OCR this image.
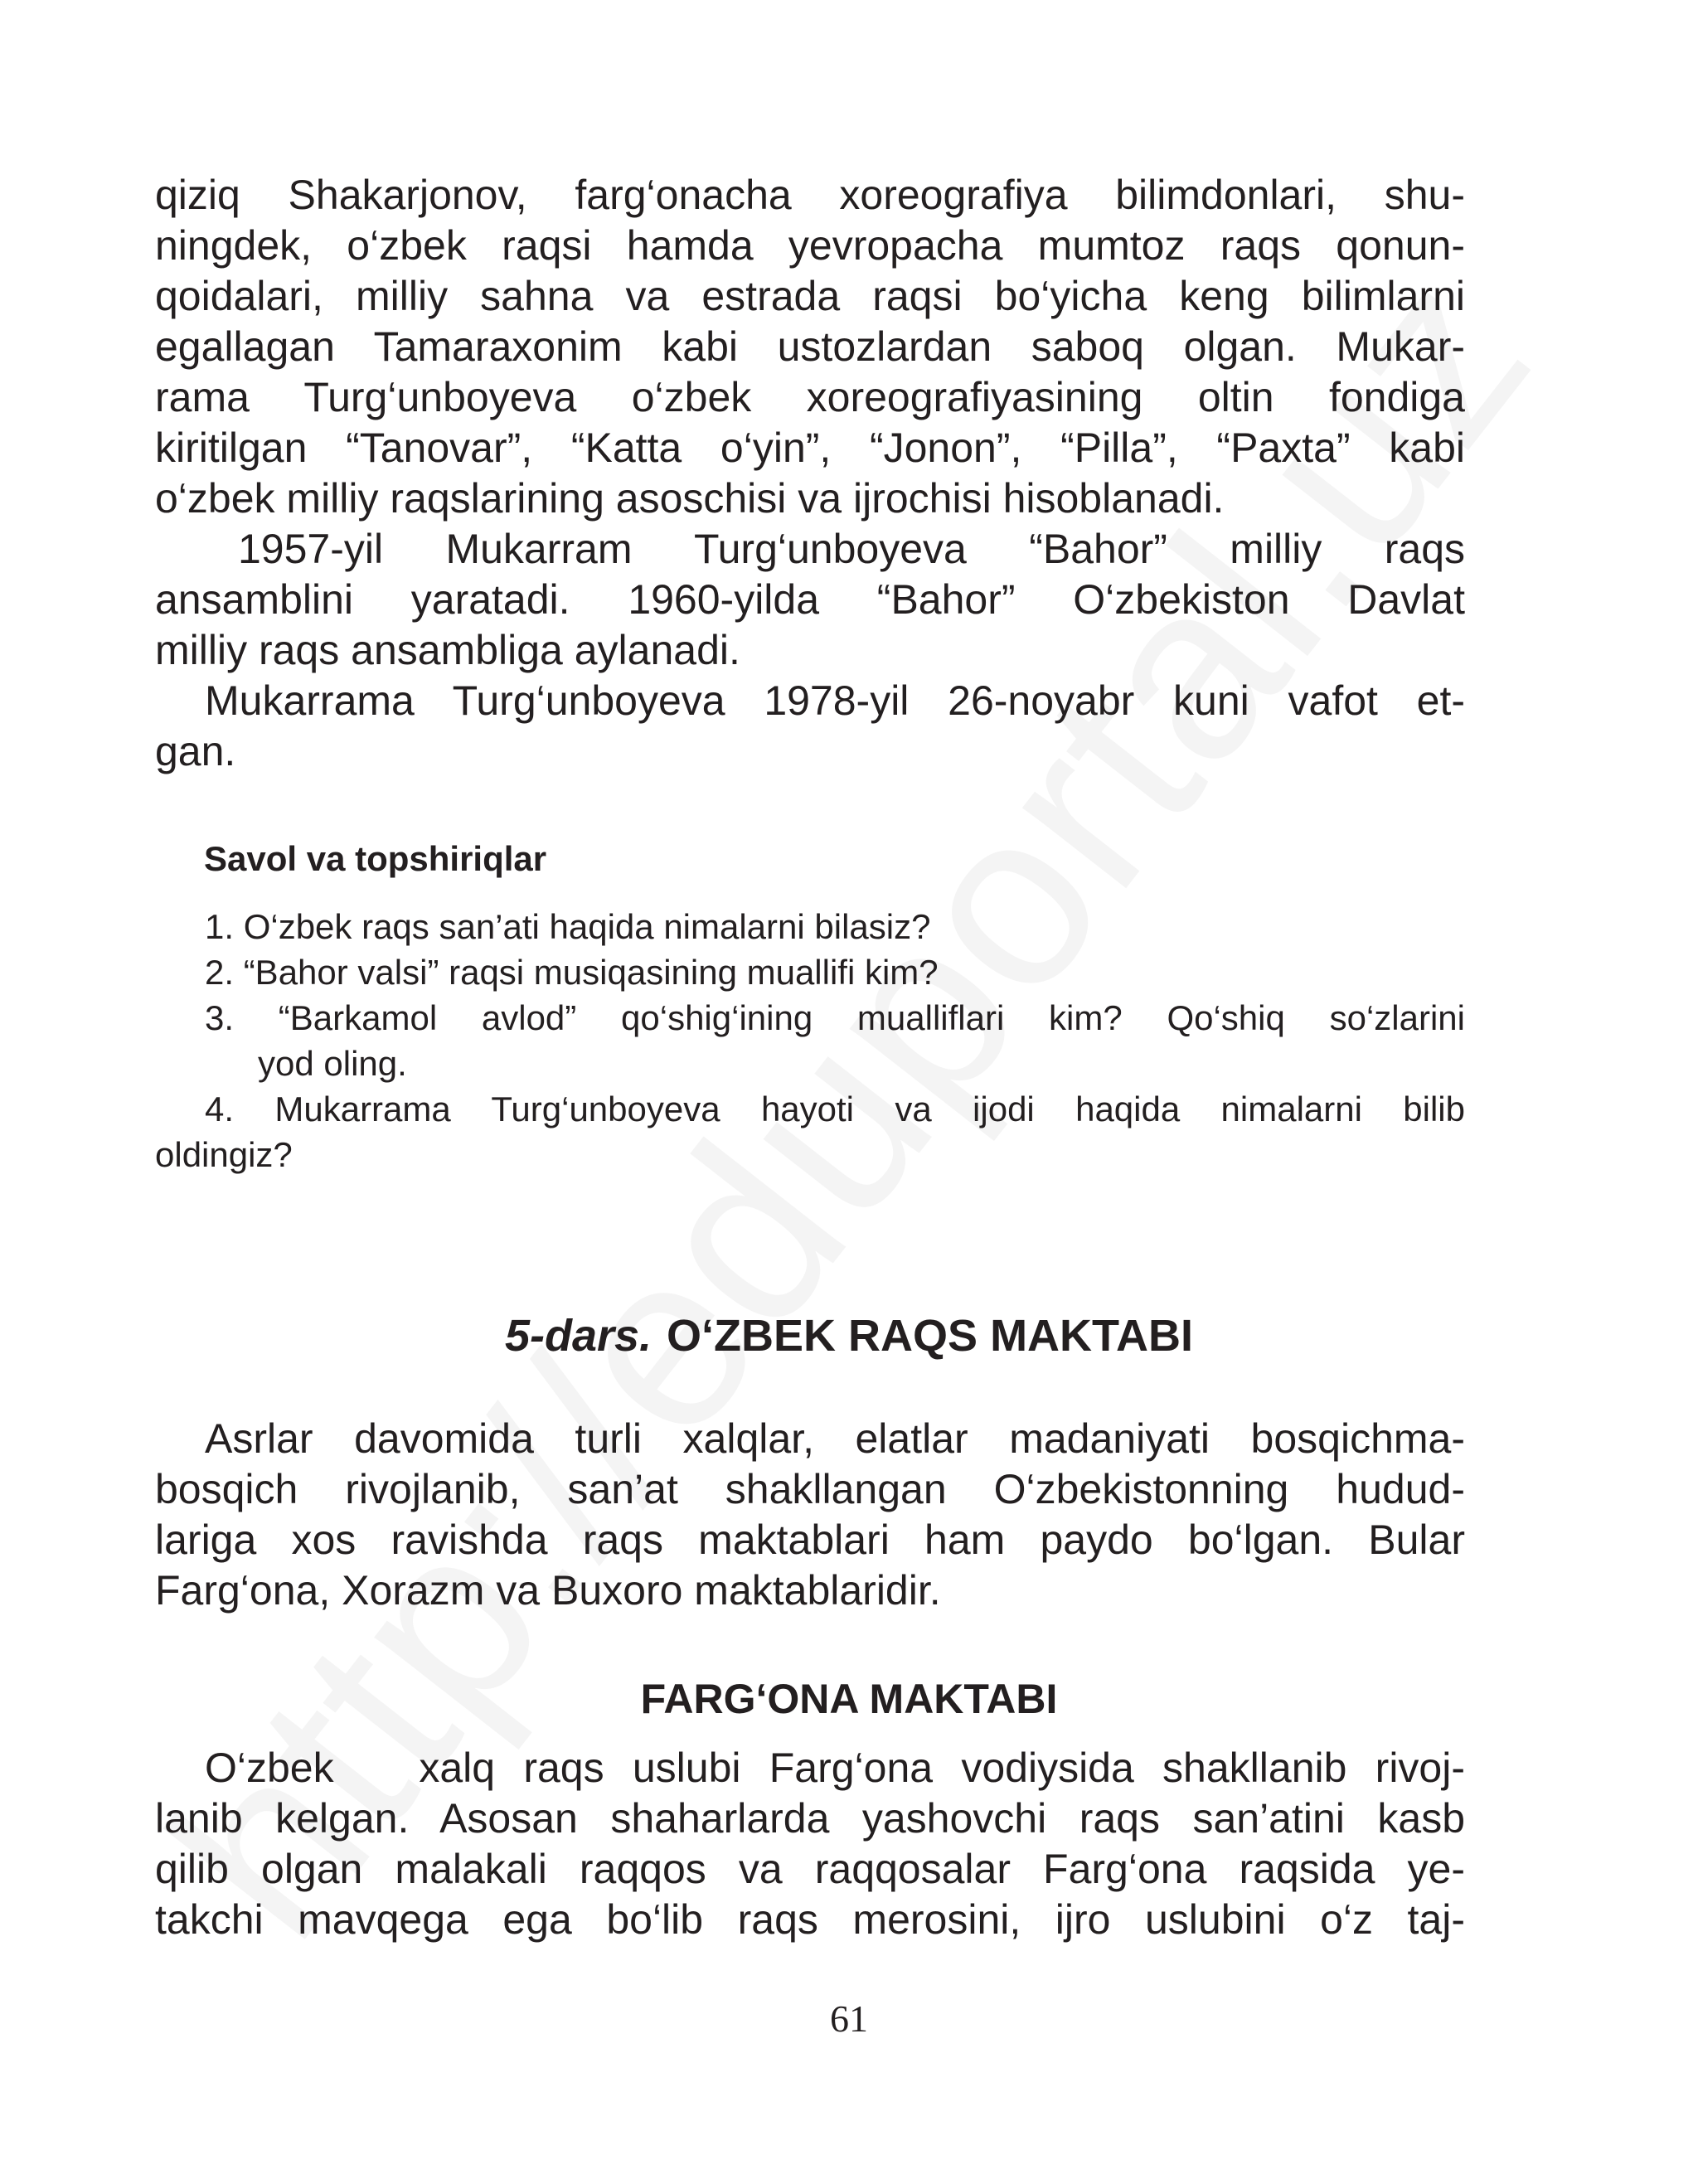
qiziq Shakarjonov, farg‘onacha xoreografiya bilimdonlari, shu-
ningdek, o‘zbek raqsi hamda yevropacha mumtoz raqs qonun-
qoidalari, milliy sahna va estrada raqsi bo‘yicha keng bilimlarni
egallagan Tamaraxonim kabi ustozlardan saboq olgan. Mukar-
rama Turg‘unboyeva o‘zbek xoreografiyasining oltin fondiga
kiritilgan “Tanovar”, “Katta o‘yin”, “Jonon”, “Pilla”, “Paxta” kabi
o‘zbek milliy raqslarining asoschisi va ijrochisi hisoblanadi.

1957-yil Mukarram Turg‘unboyeva “Bahor” milliy raqs
ansamblini yaratadi. 1960-yilda “Bahor” O‘zbekiston Davlat
milliy raqs ansambliga aylanadi.

Mukarrama Turg‘unboyeva 1978-yil 26-noyabr kuni vafot et-
gan.

Savol va topshiriqlar
1. O‘zbek raqs san’ati haqida nimalarni bilasiz?
2. “Bahor valsi” raqsi musiqasining muallifi kim?
3. “Barkamol avlod” qo‘shig‘ining mualliflari kim? Qo‘shiq so‘zlarini
yod oling.
4. Mukarrama Turg‘unboyeva hayoti va ijodi haqida nimalarni bilib
oldingiz?
5-dars. O‘ZBEK RAQS MAKTABI

Asrlar davomida turli xalqlar, elatlar madaniyati bosqichma-
bosqich rivojlanib, san’at shakllangan O‘zbekistonning hudud-
lariga xos ravishda raqs maktablari ham paydo bo‘lgan. Bular
Farg‘ona, Xorazm va Buxoro maktablaridir.

FARG‘ONA MAKTABI

O‘zbek   xalq raqs uslubi Farg‘ona vodiysida shakllanib rivoj-
lanib kelgan. Asosan shaharlarda yashovchi raqs san’atini kasb
qilib olgan malakali raqqos va raqqosalar Farg‘ona raqsida ye-
takchi mavqega ega bo‘lib raqs merosini, ijro uslubini o‘z taj-

61
